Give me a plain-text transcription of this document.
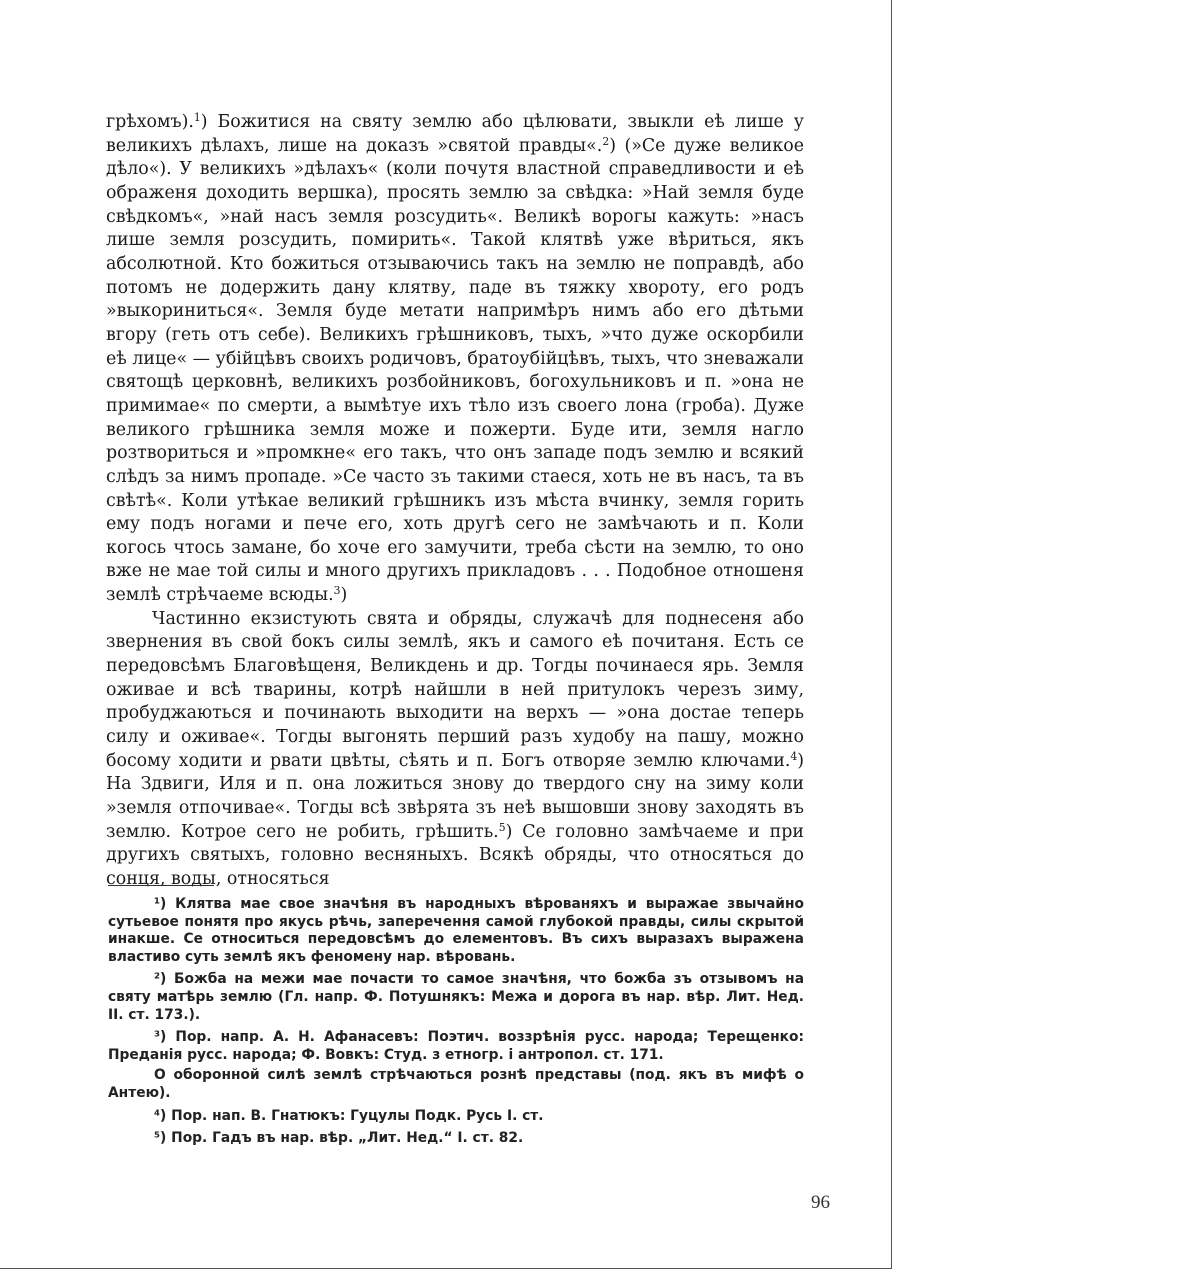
грѣхомъ).$^1$) Божитися на святу землю або цѣлювати, звыкли еѣ лише у великихъ дѣлахъ, лише на доказъ »святой правды«.$^2$) (»Се дуже великое дѣло«). У великихъ »дѣлахъ« (коли почутя властной справедливости и еѣ ображеня доходить вершка), просять землю за свѣдка: »Най земля буде свѣдкомъ«, »най насъ земля розсудить«. Великѣ ворогы кажуть: »насъ лише земля розсудить, помирить«. Такой клятвѣ уже вѣриться, якъ абсолютной. Кто божиться отзываючись такъ на землю не поправдѣ, або потомъ не додержить дану клятву, паде въ тяжку хвороту, его родъ »выкориниться«. Земля буде метати напримѣръ нимъ або его дѣтьми вгору (геть отъ себе). Великихъ грѣшниковъ, тыхъ, »что дуже оскорбили еѣ лице« — убійцѣвъ своихъ родичовъ, братоубійцѣвъ, тыхъ, что зневажали святощѣ церковнѣ, великихъ розбойниковъ, богохульниковъ и п. »она не примимае« по смерти, а вымѣтуе ихъ тѣло изъ своего лона (гроба). Дуже великого грѣшника земля може и пожерти. Буде ити, земля нагло розтвориться и »промкне« его такъ, что онъ западе подъ землю и всякий слѣдъ за нимъ пропаде. »Се часто зъ такими стаеся, хоть не въ насъ, та въ свѣтѣ«. Коли утѣкае великий грѣшникъ изъ мѣста вчинку, земля горить ему подъ ногами и пече его, хоть другѣ сего не замѣчають и п. Коли когось чтось замане, бо хоче его замучити, треба сѣсти на землю, то оно вже не мае той силы и много другихъ прикладовъ . . . Подобное отношеня землѣ стрѣчаеме всюды.$^3$)

Частинно екзистують свята и обряды, служачѣ для поднесеня або звернения въ свой бокъ силы землѣ, якъ и самого еѣ почитаня. Есть се передовсѣмъ Благовѣщеня, Великдень и др. Тогды починаеся ярь. Земля оживае и всѣ тварины, котрѣ найшли в ней притулокъ черезъ зиму, пробуджаються и починають выходити на верхъ — »она достае теперь силу и оживае«. Тогды выгонять перший разъ худобу на пашу, можно босому ходити и рвати цвѣты, сѣять и п. Богъ отворяе землю ключами.$^4$) На Здвиги, Иля и п. она ложиться знову до твердого сну на зиму коли »земля отпочивае«. Тогды всѣ звѣрята зъ неѣ вышовши знову заходять въ землю. Котрое сего не робить, грѣшить.$^5$) Се головно замѣчаеме и при другихъ святыхъ, головно весняныхъ. Всякѣ обряды, что относяться до сонця, воды, относяться

¹) Клятва мае свое значѣня въ народныхъ вѣрованяхъ и выражае звычайно сутьевое понятя про якусь рѣчь, заперечення самой глубокой правды, силы скрытой инакше. Се относиться передовсѣмъ до елементовъ. Въ сихъ выразахъ выражена властиво суть землѣ якъ феномену нар. вѣровань.

²) Божба на межи мае почасти то самое значѣня, что божба зъ отзывомъ на святу матѣрь землю (Гл. напр. Ф. Потушнякъ: Межа и дорога въ нар. вѣр. Лит. Нед. II. ст. 173.).

³) Пор. напр. А. Н. Афанасевъ: Поэтич. воззрѣнія русс. народа; Терещенко: Преданія русс. народа; Ф. Вовкъ: Студ. з етногр. і антропол. ст. 171.

О оборонной силѣ землѣ стрѣчаються рознѣ представы (под. якъ въ мифѣ о Антею).

⁴) Пор. нап. В. Гнатюкъ: Гуцулы Подк. Русь I. ст.

⁵) Пор. Гадъ въ нар. вѣр. „Лит. Нед.“ I. ст. 82.

96
